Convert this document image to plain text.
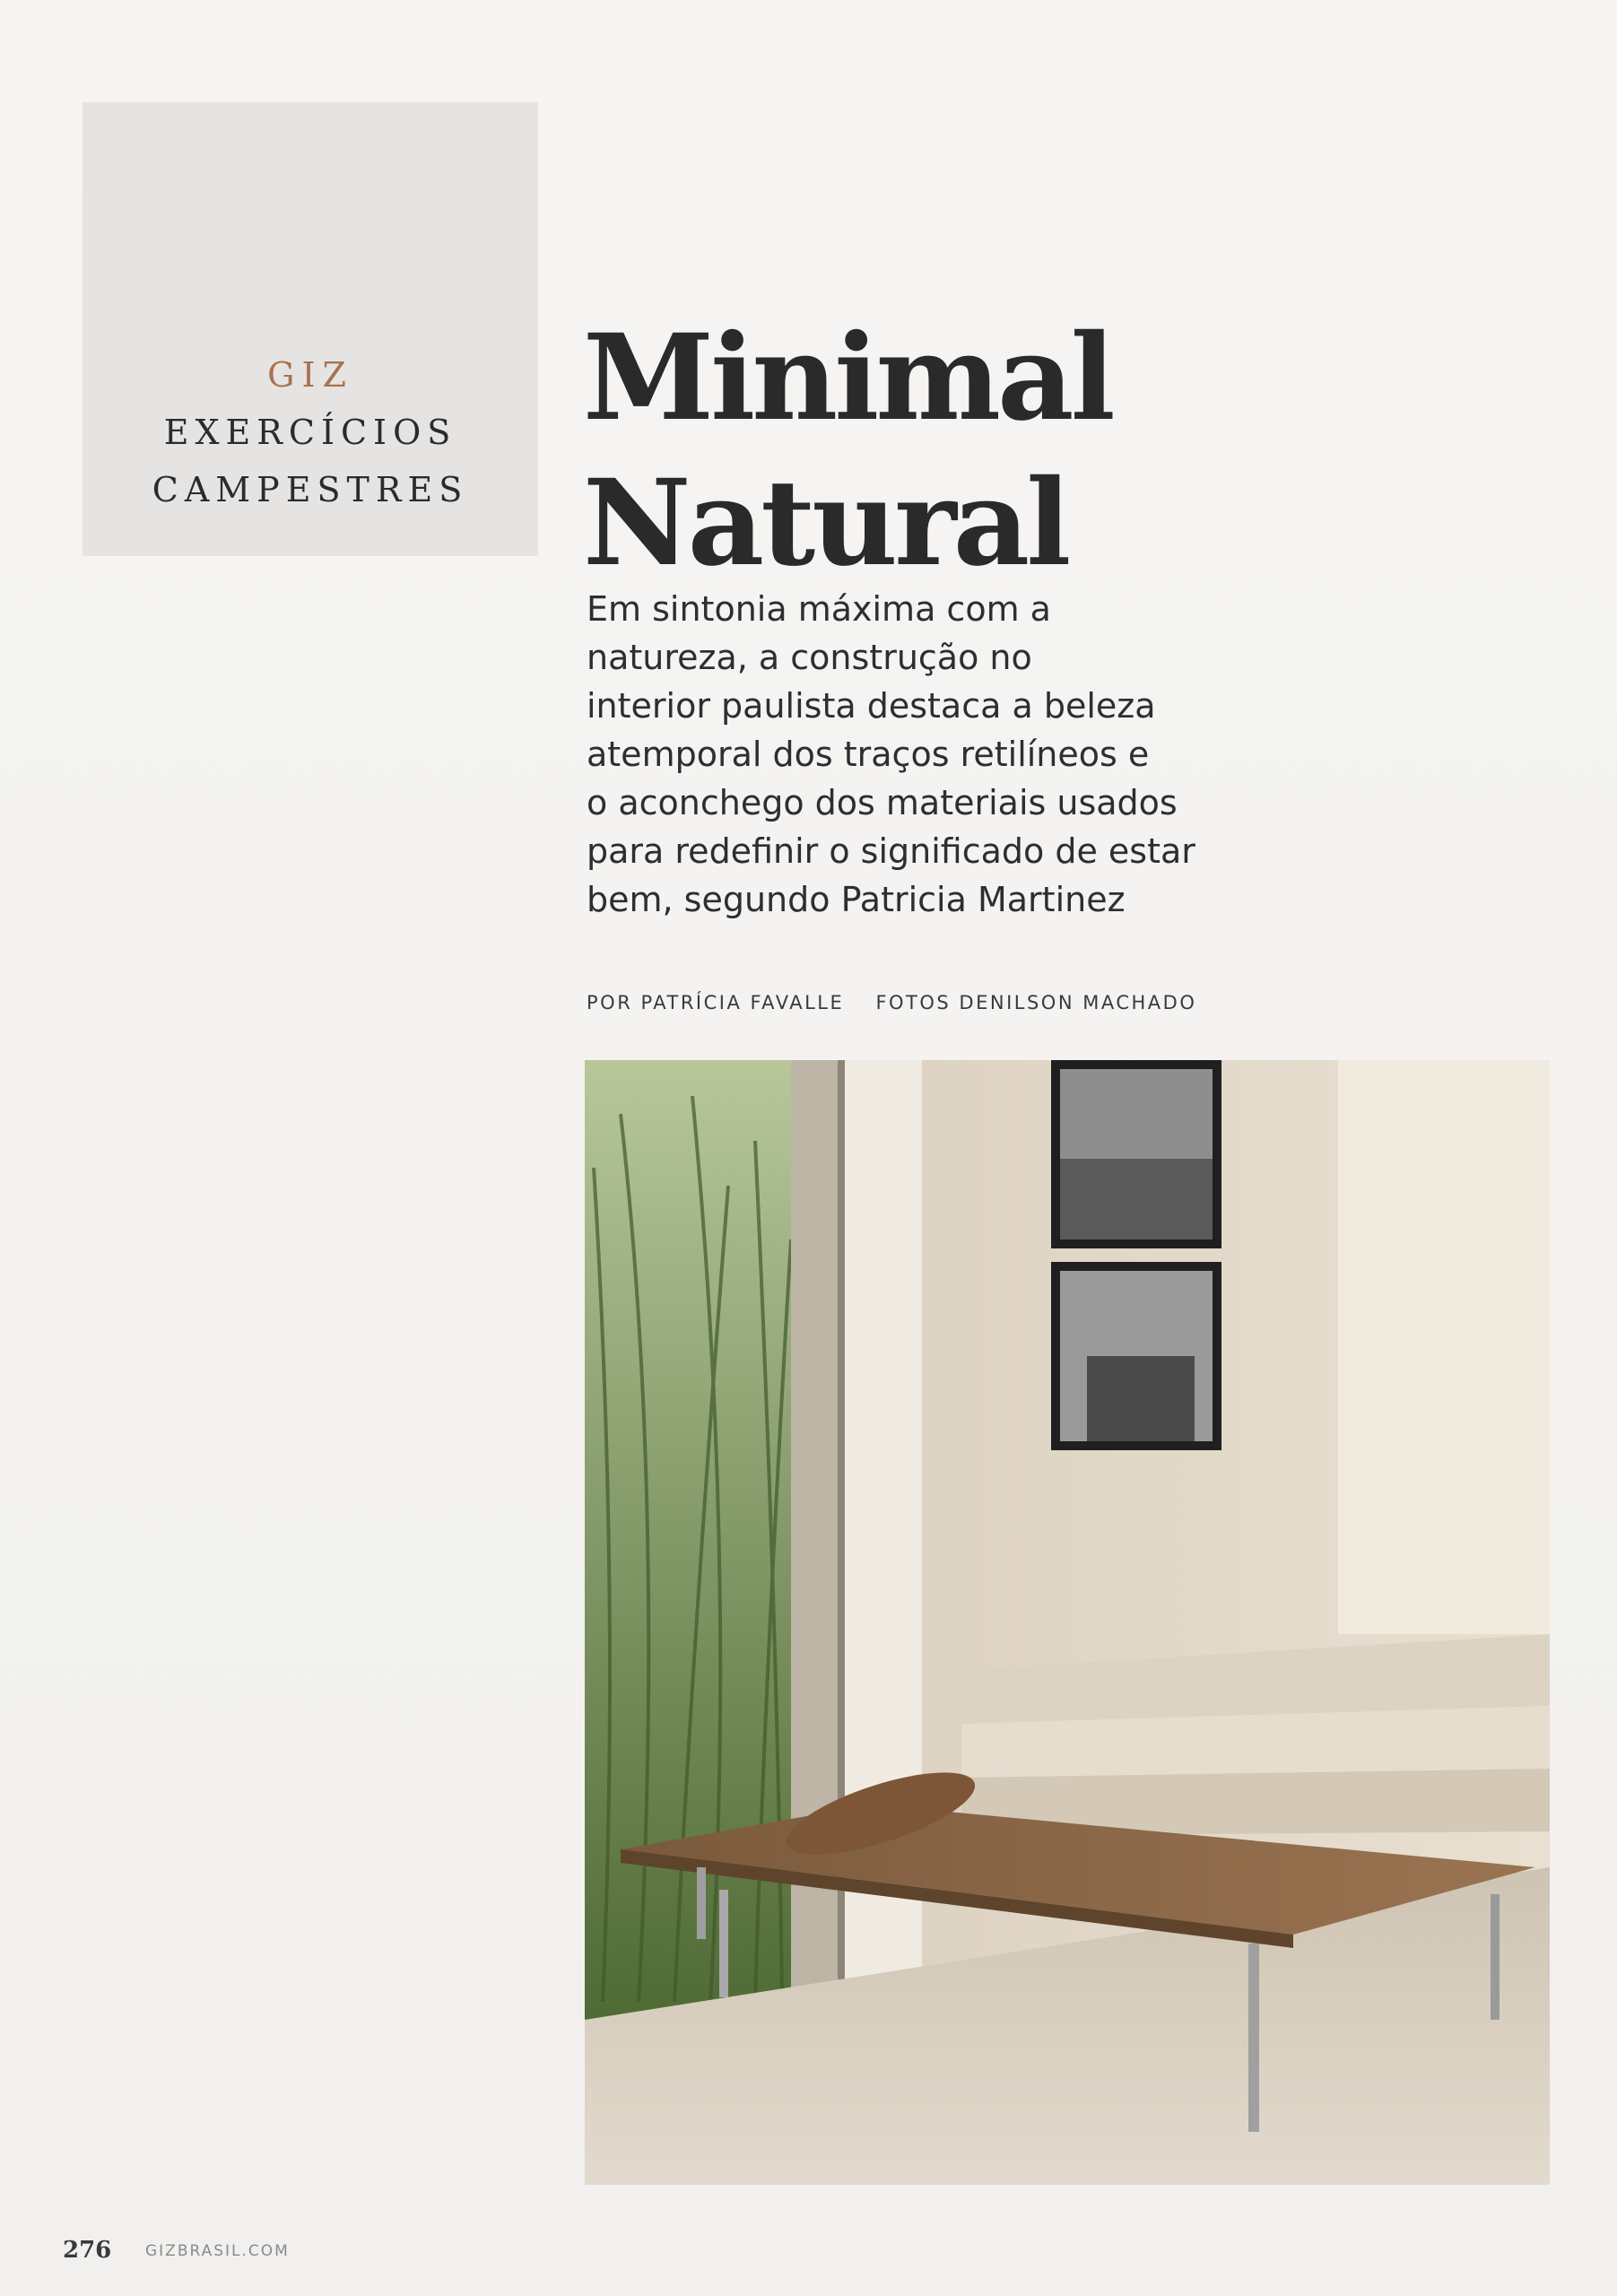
GIZ

EXERCÍCIOS

CAMPESTRES

Minimal
Natural

Em sintonia máxima com a
natureza, a construção no
interior paulista destaca a beleza
atemporal dos traços retilíneos e
o aconchego dos materiais usados
para redefinir o significado de estar
bem, segundo Patricia Martinez

POR PATRÍCIA FAVALLE FOTOS DENILSON MACHADO
276 GIZBRASIL.COM
